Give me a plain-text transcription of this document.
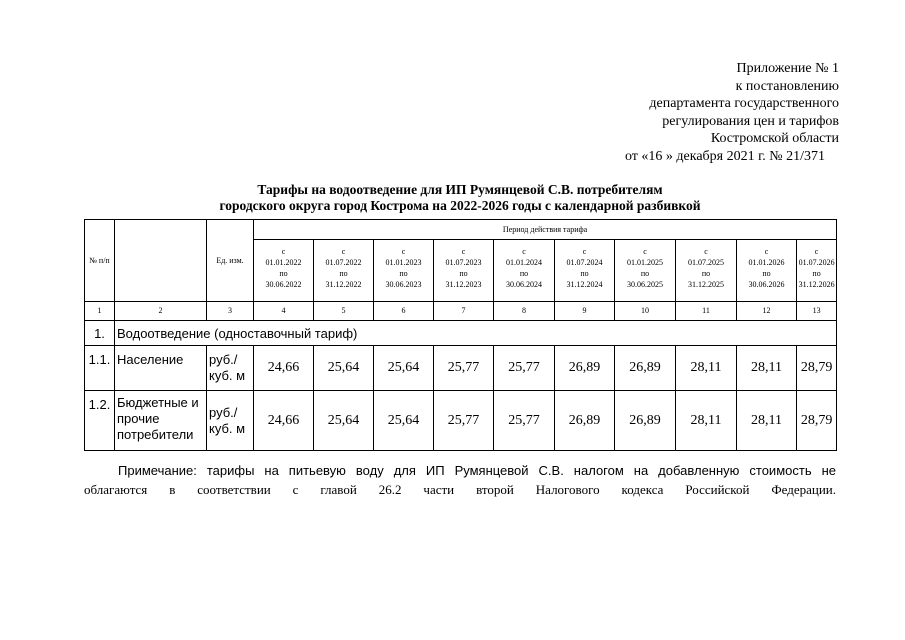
Приложение № 1
к постановлению
департамента государственного
регулирования цен и тарифов
Костромской области
от «16 » декабря 2021 г. № 21/371
Тарифы на водоотведение для ИП Румянцевой С.В. потребителям
городского округа город Кострома на 2022-2026 годы с календарной разбивкой
№ п/п		Ед. изм.	Период действия тарифа									
			с
01.01.2022
по
30.06.2022	с
01.07.2022
по
31.12.2022	с
01.01.2023
по
30.06.2023	с
01.07.2023
по
31.12.2023	с
01.01.2024
по
30.06.2024	с
01.07.2024
по
31.12.2024	с
01.01.2025
по
30.06.2025	с
01.07.2025
по
31.12.2025	с
01.01.2026
по
30.06.2026	с
01.07.2026
по
31.12.2026
1	2	3	4	5	6	7	8	9	10	11	12	13
1.	Водоотведение (одноставочный тариф)											
1.1.	Население	руб./ куб. м	24,66	25,64	25,64	25,77	25,77	26,89	26,89	28,11	28,11	28,79
1.2.	Бюджетные и прочие потребители	руб./ куб. м	24,66	25,64	25,64	25,77	25,77	26,89	26,89	28,11	28,11	28,79

Примечание: тарифы на питьевую воду для ИП Румянцевой С.В. налогом на добавленную стоимость не

облагаются в соответствии с главой 26.2 части второй Налогового кодекса Российской Федерации.
